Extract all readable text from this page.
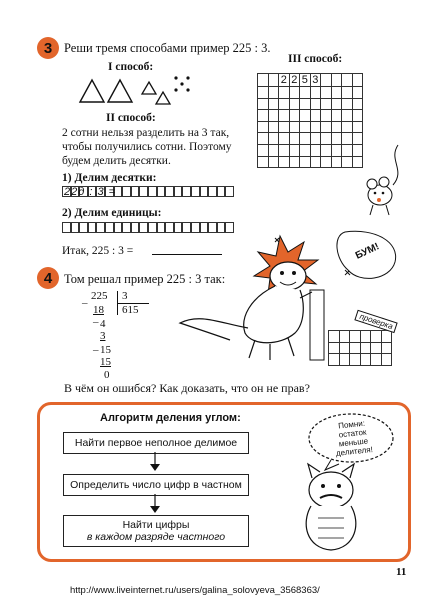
3 Реши тремя способами пример 225 : 3.
I способ:
II способ:
2 сотни нельзя разделить на 3 так,
чтобы получились сотни. Поэтому
будем делить десятки.
1) Делим десятки:
22д : 3 =
2) Делим единицы:
Итак, 225 : 3 =
III способ:
		2	2	5	3				

4 Том решал пример 225 : 3 так:
225 3
615
–
18
– 4
3
– 15
15
0
В чём он ошибся? Как доказать, что он не прав?
БУМ!

проверка
Алгоритм деления углом:
Найти первое неполное делимое
Определить число цифр в частном
Найти цифры
в каждом разряде частного
Помни:
остаток
меньше
делителя!
11
http://www.liveinternet.ru/users/galina_solovyeva_3568363/
